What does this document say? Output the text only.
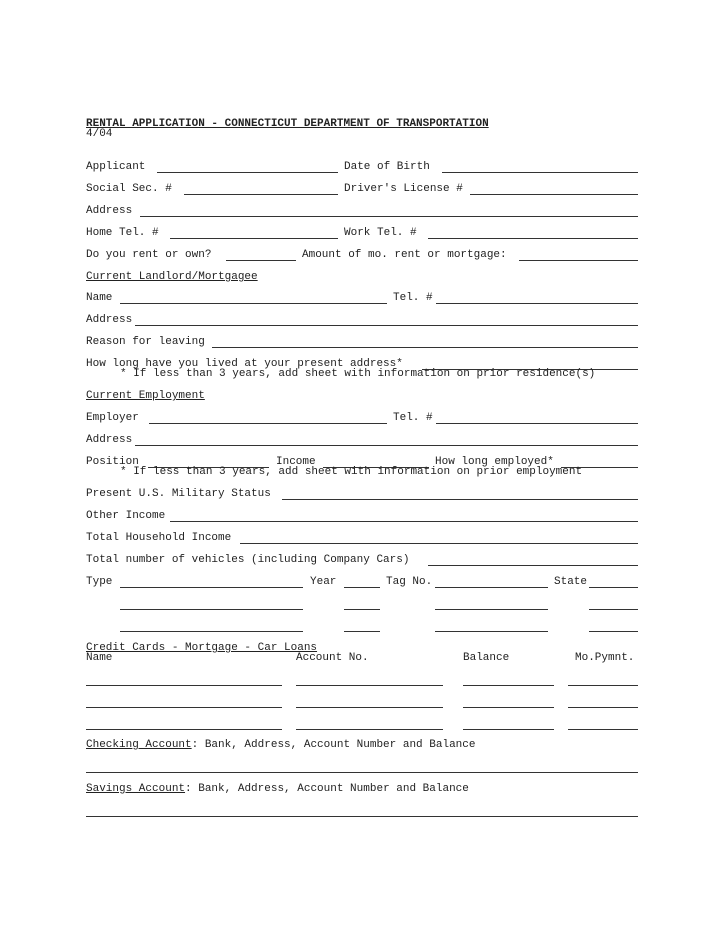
RENTAL APPLICATION - CONNECTICUT DEPARTMENT OF TRANSPORTATION
4/04
Applicant	Date of Birth
Social Sec. #	Driver's License #
Address
Home Tel. #	Work Tel. #
Do you rent or own?	Amount of mo. rent or mortgage:
Current Landlord/Mortgagee
Name	Tel. #
Address
Reason for leaving
How long have you lived at your present address*
* If less than 3 years, add sheet with information on prior residence(s)
Current Employment
Employer	Tel. #
Address
Position	Income	How long employed*
* If less than 3 years, add sheet with information on prior employment
Present U.S. Military Status
Other Income
Total Household Income
Total number of vehicles (including Company Cars)
Type	Year	Tag No.	State
Credit Cards - Mortgage - Car Loans
Name	Account No.	Balance	Mo.Pymnt.
Checking Account: Bank, Address, Account Number and Balance
Savings Account: Bank, Address, Account Number and Balance
